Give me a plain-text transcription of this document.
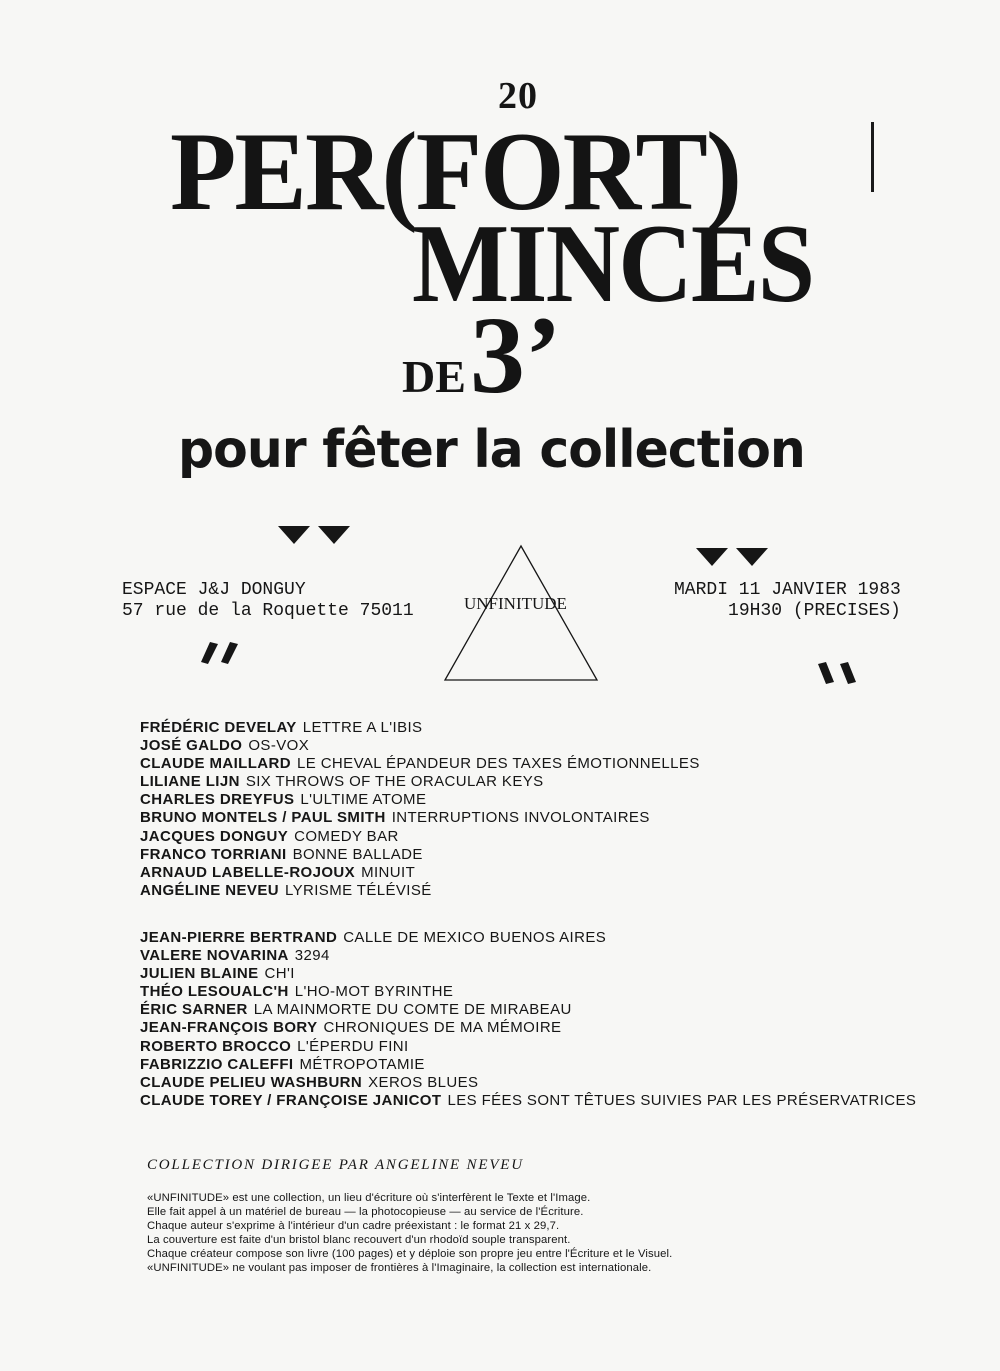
20
PER(FORT)
MINCES
DE 3’
pour fêter la collection
ESPACE J&J DONGUY
57 rue de la Roquette 75011	UNFINITUDE
MARDI 11 JANVIER 1983
19H30 (PRECISES)
FRÉDÉRIC DEVELAY LETTRE A L'IBIS
JOSÉ GALDO OS-VOX
CLAUDE MAILLARD LE CHEVAL ÉPANDEUR DES TAXES ÉMOTIONNELLES
LILIANE LIJN SIX THROWS OF THE ORACULAR KEYS
CHARLES DREYFUS L'ULTIME ATOME
BRUNO MONTELS / PAUL SMITH INTERRUPTIONS INVOLONTAIRES
JACQUES DONGUY COMEDY BAR
FRANCO TORRIANI BONNE BALLADE
ARNAUD LABELLE-ROJOUX MINUIT
ANGÉLINE NEVEU LYRISME TÉLÉVISÉ
JEAN-PIERRE BERTRAND CALLE DE MEXICO BUENOS AIRES
VALERE NOVARINA 3294
JULIEN BLAINE CH'I
THÉO LESOUALC'H L'HO-MOT BYRINTHE
ÉRIC SARNER LA MAINMORTE DU COMTE DE MIRABEAU
JEAN-FRANÇOIS BORY CHRONIQUES DE MA MÉMOIRE
ROBERTO BROCCO L'ÉPERDU FINI
FABRIZZIO CALEFFI MÉTROPOTAMIE
CLAUDE PELIEU WASHBURN XEROS BLUES
CLAUDE TOREY / FRANÇOISE JANICOT LES FÉES SONT TÊTUES SUIVIES PAR LES PRÉSERVATRICES
COLLECTION DIRIGEE PAR ANGELINE NEVEU
«UNFINITUDE» est une collection, un lieu d'écriture où s'interfèrent le Texte et l'Image.
Elle fait appel à un matériel de bureau — la photocopieuse — au service de l'Écriture.
Chaque auteur s'exprime à l'intérieur d'un cadre préexistant : le format 21 x 29,7.
La couverture est faite d'un bristol blanc recouvert d'un rhodoïd souple transparent.
Chaque créateur compose son livre (100 pages) et y déploie son propre jeu entre l'Écriture et le Visuel.
«UNFINITUDE» ne voulant pas imposer de frontières à l'Imaginaire, la collection est internationale.
